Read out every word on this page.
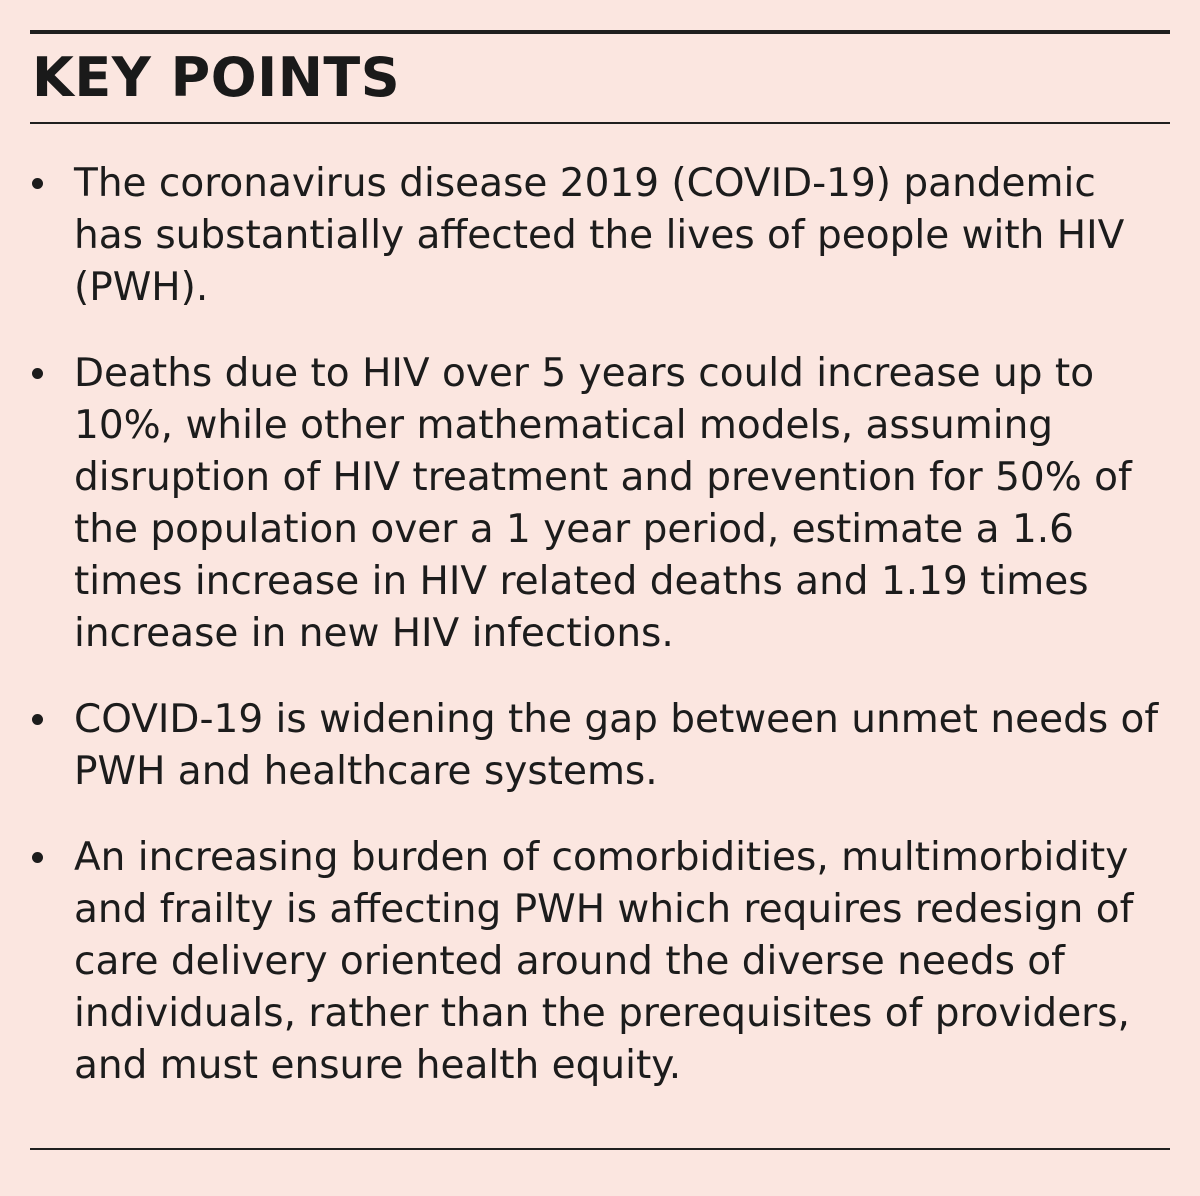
KEY POINTS
The coronavirus disease 2019 (COVID-19) pandemic has substantially affected the lives of people with HIV (PWH).
Deaths due to HIV over 5 years could increase up to 10%, while other mathematical models, assuming disruption of HIV treatment and prevention for 50% of the population over a 1 year period, estimate a 1.6 times increase in HIV related deaths and 1.19 times increase in new HIV infections.
COVID-19 is widening the gap between unmet needs of PWH and healthcare systems.
An increasing burden of comorbidities, multimorbidity and frailty is affecting PWH which requires redesign of care delivery oriented around the diverse needs of individuals, rather than the prerequisites of providers, and must ensure health equity.
